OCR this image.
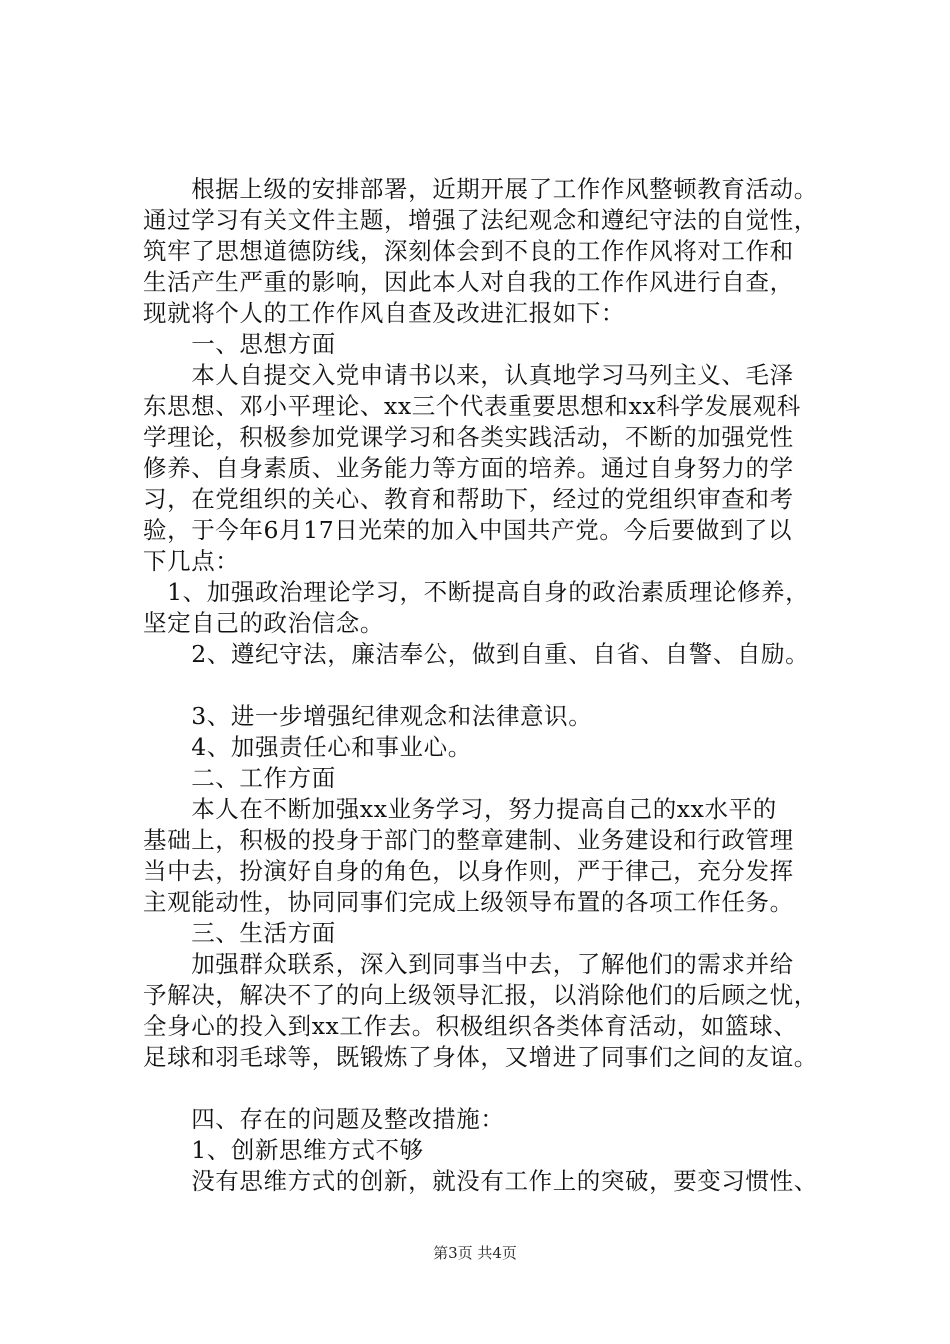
　　根据上级的安排部署，近期开展了工作作风整顿教育活动。
通过学习有关文件主题，增强了法纪观念和遵纪守法的自觉性，
筑牢了思想道德防线，深刻体会到不良的工作作风将对工作和
生活产生严重的影响，因此本人对自我的工作作风进行自查，
现就将个人的工作作风自查及改进汇报如下：
　　一、思想方面
　　本人自提交入党申请书以来，认真地学习马列主义、毛泽
东思想、邓小平理论、xx三个代表重要思想和xx科学发展观科
学理论，积极参加党课学习和各类实践活动，不断的加强党性
修养、自身素质、业务能力等方面的培养。通过自身努力的学
习，在党组织的关心、教育和帮助下，经过的党组织审查和考
验，于今年6月17日光荣的加入中国共产党。今后要做到了以
下几点：
　1、加强政治理论学习，不断提高自身的政治素质理论修养，
坚定自己的政治信念。
　　2、遵纪守法，廉洁奉公，做到自重、自省、自警、自励。
　　3、进一步增强纪律观念和法律意识。
　　4、加强责任心和事业心。
　　二、工作方面
　　本人在不断加强xx业务学习，努力提高自己的xx水平的
基础上，积极的投身于部门的整章建制、业务建设和行政管理
当中去，扮演好自身的角色，以身作则，严于律己，充分发挥
主观能动性，协同同事们完成上级领导布置的各项工作任务。
　　三、生活方面
　　加强群众联系，深入到同事当中去，了解他们的需求并给
予解决，解决不了的向上级领导汇报，以消除他们的后顾之忧，
全身心的投入到xx工作去。积极组织各类体育活动，如篮球、
足球和羽毛球等，既锻炼了身体，又增进了同事们之间的友谊。
　　四、存在的问题及整改措施：
　　1、创新思维方式不够
　　没有思维方式的创新，就没有工作上的突破，要变习惯性、
第3页 共4页
